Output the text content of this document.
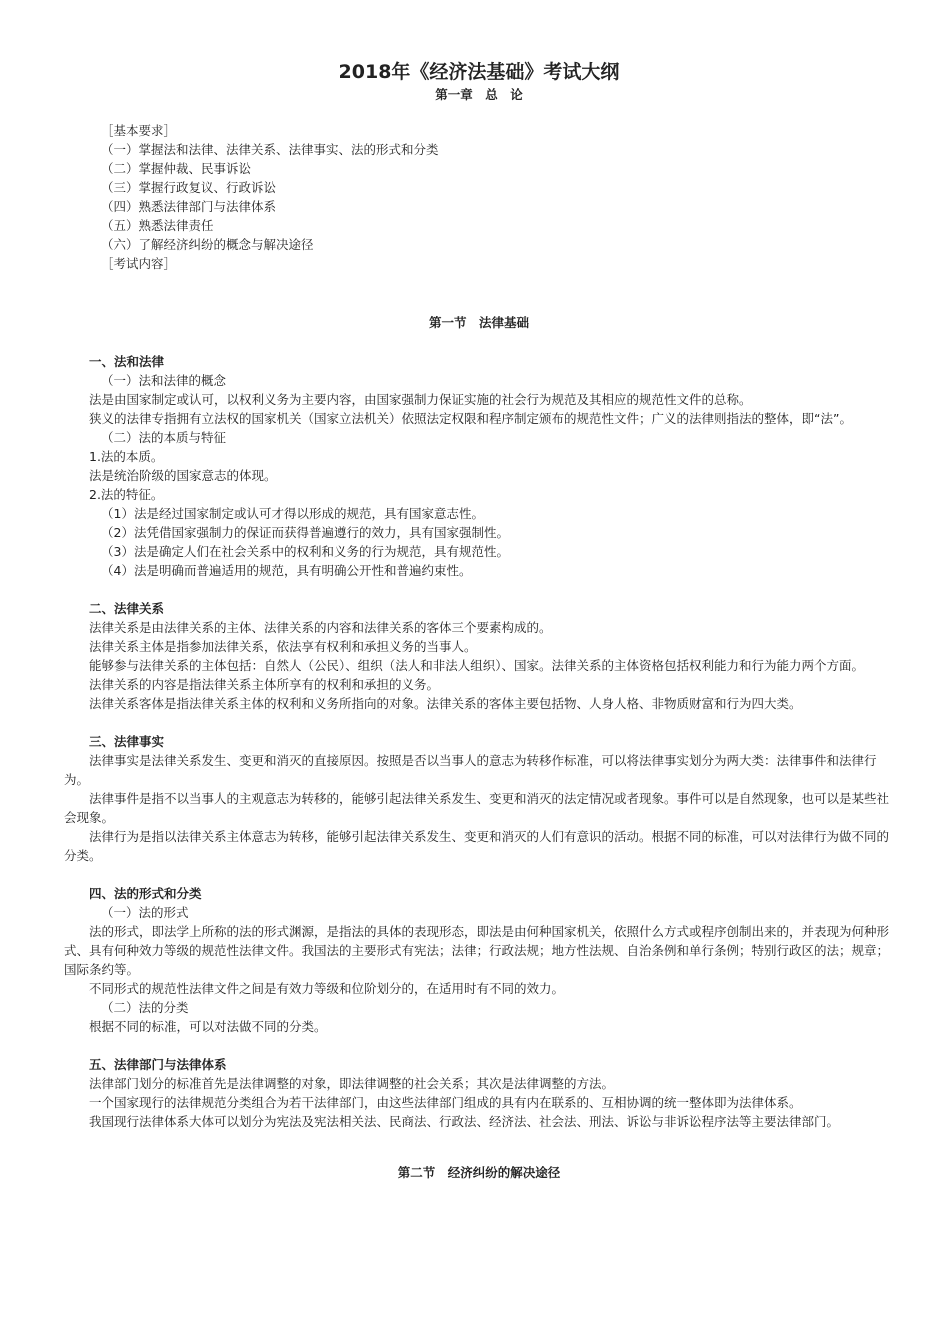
2018年《经济法基础》考试大纲

第一章　总　论

［基本要求］

（一）掌握法和法律、法律关系、法律事实、法的形式和分类

（二）掌握仲裁、民事诉讼

（三）掌握行政复议、行政诉讼

（四）熟悉法律部门与法律体系

（五）熟悉法律责任

（六）了解经济纠纷的概念与解决途径

［考试内容］

第一节　法律基础

一、法和法律

（一）法和法律的概念

法是由国家制定或认可，以权利义务为主要内容，由国家强制力保证实施的社会行为规范及其相应的规范性文件的总称。

狭义的法律专指拥有立法权的国家机关（国家立法机关）依照法定权限和程序制定颁布的规范性文件；广义的法律则指法的整体，即“法”。

（二）法的本质与特征

1.法的本质。

法是统治阶级的国家意志的体现。

2.法的特征。

（1）法是经过国家制定或认可才得以形成的规范，具有国家意志性。

（2）法凭借国家强制力的保证而获得普遍遵行的效力，具有国家强制性。

（3）法是确定人们在社会关系中的权利和义务的行为规范，具有规范性。

（4）法是明确而普遍适用的规范，具有明确公开性和普遍约束性。

二、法律关系

法律关系是由法律关系的主体、法律关系的内容和法律关系的客体三个要素构成的。

法律关系主体是指参加法律关系，依法享有权利和承担义务的当事人。

能够参与法律关系的主体包括：自然人（公民）、组织（法人和非法人组织）、国家。法律关系的主体资格包括权利能力和行为能力两个方面。

法律关系的内容是指法律关系主体所享有的权利和承担的义务。

法律关系客体是指法律关系主体的权利和义务所指向的对象。法律关系的客体主要包括物、人身人格、非物质财富和行为四大类。

三、法律事实

法律事实是法律关系发生、变更和消灭的直接原因。按照是否以当事人的意志为转移作标准，可以将法律事实划分为两大类：法律事件和法律行为。

法律事件是指不以当事人的主观意志为转移的，能够引起法律关系发生、变更和消灭的法定情况或者现象。事件可以是自然现象，也可以是某些社会现象。

法律行为是指以法律关系主体意志为转移，能够引起法律关系发生、变更和消灭的人们有意识的活动。根据不同的标准，可以对法律行为做不同的分类。

四、法的形式和分类

（一）法的形式

法的形式，即法学上所称的法的形式渊源，是指法的具体的表现形态，即法是由何种国家机关，依照什么方式或程序创制出来的，并表现为何种形式、具有何种效力等级的规范性法律文件。我国法的主要形式有宪法；法律；行政法规；地方性法规、自治条例和单行条例；特别行政区的法；规章；国际条约等。

不同形式的规范性法律文件之间是有效力等级和位阶划分的，在适用时有不同的效力。

（二）法的分类

根据不同的标准，可以对法做不同的分类。

五、法律部门与法律体系

法律部门划分的标准首先是法律调整的对象，即法律调整的社会关系；其次是法律调整的方法。

一个国家现行的法律规范分类组合为若干法律部门，由这些法律部门组成的具有内在联系的、互相协调的统一整体即为法律体系。

我国现行法律体系大体可以划分为宪法及宪法相关法、民商法、行政法、经济法、社会法、刑法、诉讼与非诉讼程序法等主要法律部门。

第二节　经济纠纷的解决途径
